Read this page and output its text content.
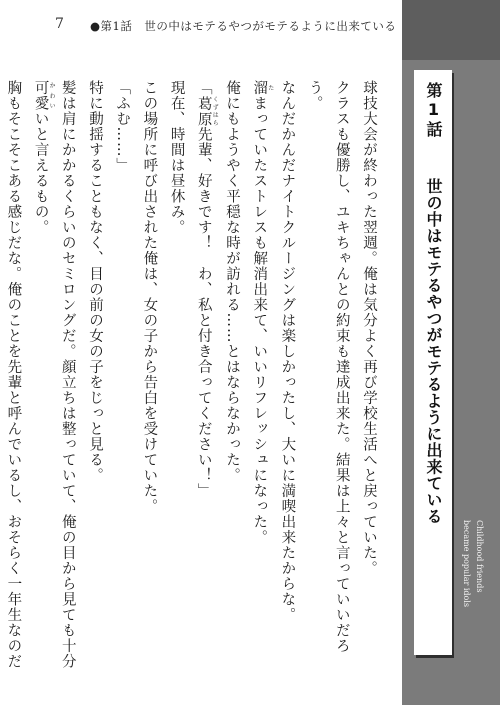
7 ●第1話　世の中はモテるやつがモテるように出来ている
第1話
世の中はモテるやつがモテるように出来ている
Childhood friends
became popular idols

球技大会が終わった翌週。俺は気分よく再び学校生活へと戻っていた。

クラスも優勝し、ユキちゃんとの約束も達成出来た。結果は上々と言っていいだろう。

なんだかんだナイトクルージングは楽しかったし、大いに満喫出来たからな。

溜 たまっていたストレスも解消出来て、いいリフレッシュになった。

俺にもようやく平穏な時が訪れる……とはならなかった。

「葛原 くずはら先輩、好きです！　わ、私と付き合ってください！」

現在、時間は昼休み。

この場所に呼び出された俺は、女の子から告白を受けていた。

「ふむ……」

特に動揺することもなく、目の前の女の子をじっと見る。

髪は肩にかかるくらいのセミロングだ。顔立ちは整っていて、俺の目から見ても十分可愛 かわいいと言えるもの。

胸もそこそこある感じだな。俺のことを先輩と呼んでいるし、おそらく一年生なのだ
